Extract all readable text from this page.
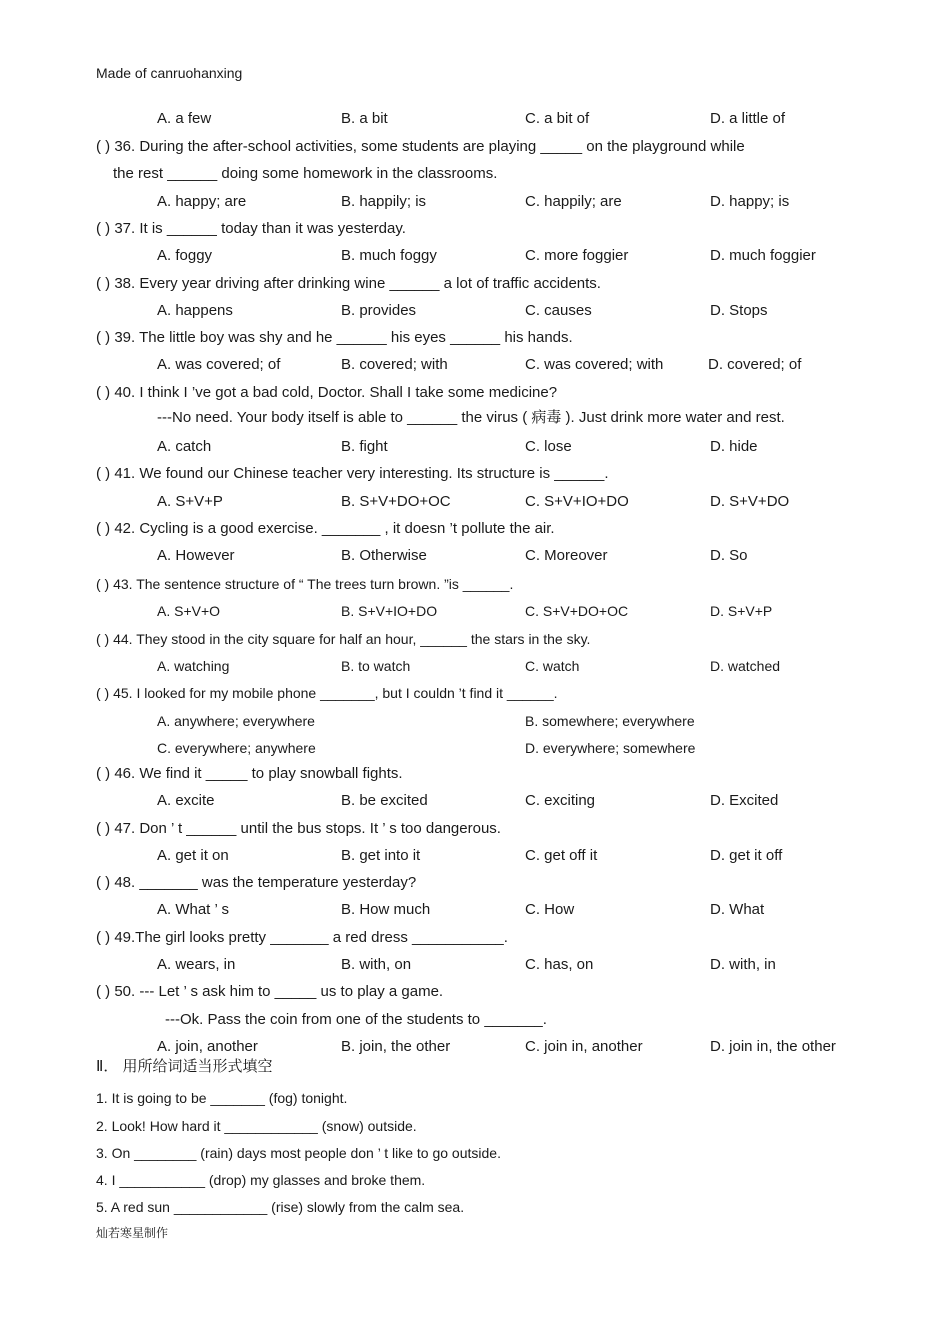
Made of canruohanxing
A. a few	B. a bit	C. a bit of	D. a little of
( ) 36. During the after-school activities, some students are playing _____ on the playground while
the rest ______ doing some homework in the classrooms.
A. happy; are	B. happily; is	C. happily; are	D. happy; is
( ) 37. It is ______ today than it was yesterday.
A. foggy	B. much foggy	C. more foggier	D. much foggier
( ) 38. Every year driving after drinking wine ______ a lot of traffic accidents.
A. happens	B. provides	C. causes	D. Stops
( ) 39. The little boy was shy and he ______ his eyes ______ his hands.
A. was covered; of	B. covered; with	C. was covered; with	D. covered; of
( ) 40. I think I ’ve got a bad cold, Doctor. Shall I take some medicine?
---No need. Your body itself is able to ______ the virus ( 病毒 ). Just drink more water and rest.
A. catch	B. fight	C. lose	D. hide
( ) 41. We found our Chinese teacher very interesting. Its structure is ______.
A. S+V+P	B. S+V+DO+OC	C. S+V+IO+DO	D. S+V+DO
( ) 42. Cycling is a good exercise. _______ , it doesn ’t pollute the air.
A. However	B. Otherwise	C. Moreover	D. So
( ) 43. The sentence structure of “ The trees turn brown. ”is ______.
A. S+V+O	B. S+V+IO+DO	C. S+V+DO+OC	D. S+V+P
( ) 44. They stood in the city square for half an hour, ______ the stars in the sky.
A. watching	B. to watch	C. watch	D. watched
( ) 45. I looked for my mobile phone _______, but I couldn ’t find it ______.
A. anywhere; everywhere	B. somewhere; everywhere
C. everywhere; anywhere	D. everywhere; somewhere
( ) 46. We find it _____ to play snowball fights.
A. excite	B. be excited	C. exciting	D. Excited
( ) 47. Don ’ t ______ until the bus stops. It ’ s too dangerous.
A. get it on	B. get into it	C. get off it	D. get it off
( ) 48. _______ was the temperature yesterday?
A. What ’ s	B. How much	C. How	D. What
( ) 49.The girl looks pretty _______ a red dress ___________.
A. wears, in	B. with, on	C. has, on	D. with, in
( ) 50. --- Let ’ s ask him to _____ us to play a game.
---Ok. Pass the coin from one of the students to _______.
A. join, another	B. join, the other	C. join in, another	D. join in, the other
Ⅱ． 用所给词适当形式填空
1. It is going to be _______ (fog) tonight.
2. Look! How hard it ____________ (snow) outside.
3. On ________ (rain) days most people don ’ t like to go outside.
4. I ___________ (drop) my glasses and broke them.
5. A red sun ____________ (rise) slowly from the calm sea.
灿若寒星制作
